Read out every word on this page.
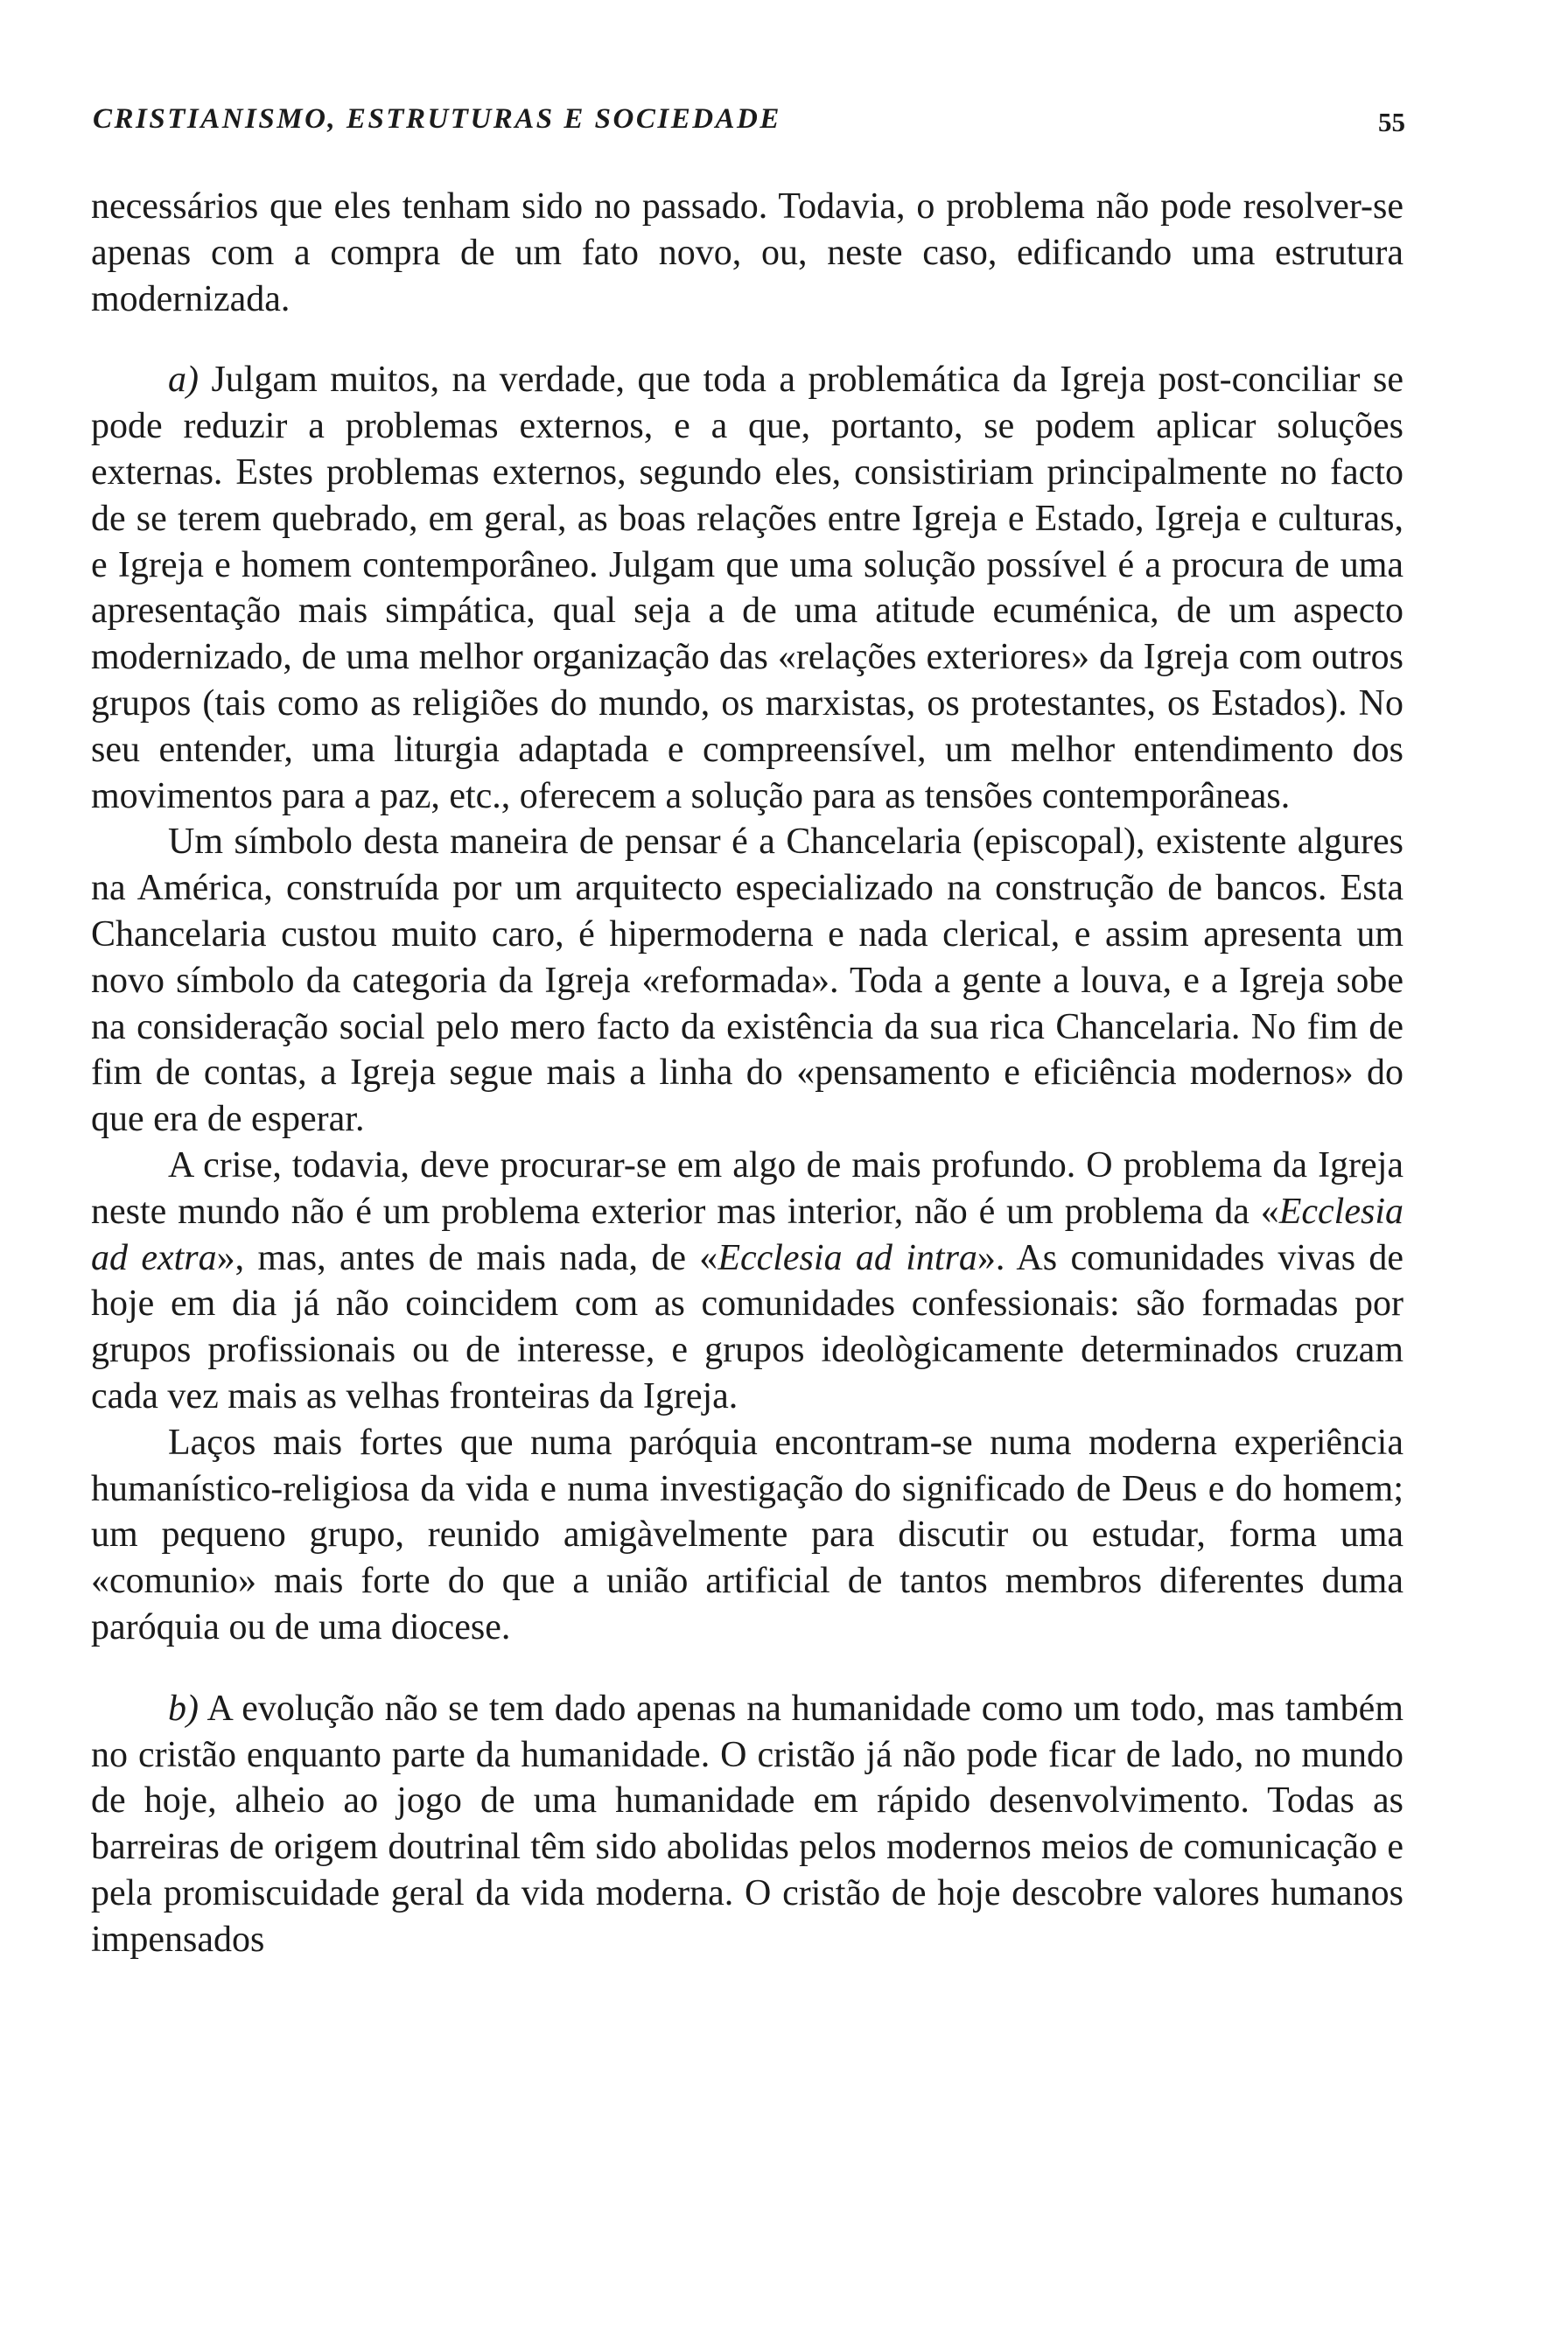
CRISTIANISMO, ESTRUTURAS E SOCIEDADE	55

necessários que eles tenham sido no passado. Todavia, o problema não pode resolver-se apenas com a compra de um fato novo, ou, neste caso, edificando uma estrutura modernizada.

a) Julgam muitos, na verdade, que toda a problemática da Igreja post-conciliar se pode reduzir a problemas externos, e a que, portanto, se podem aplicar soluções externas. Estes problemas externos, segundo eles, consistiriam principalmente no facto de se terem quebrado, em geral, as boas relações entre Igreja e Estado, Igreja e culturas, e Igreja e homem contemporâneo. Julgam que uma solução possível é a procura de uma apresentação mais simpática, qual seja a de uma atitude ecuménica, de um aspecto modernizado, de uma melhor organização das «relações exteriores» da Igreja com outros grupos (tais como as religiões do mundo, os marxistas, os protestantes, os Estados). No seu entender, uma liturgia adaptada e compreensível, um melhor entendimento dos movimentos para a paz, etc., oferecem a solução para as tensões contemporâneas.

Um símbolo desta maneira de pensar é a Chancelaria (episcopal), existente algures na América, construída por um arquitecto especializado na construção de bancos. Esta Chancelaria custou muito caro, é hipermoderna e nada clerical, e assim apresenta um novo símbolo da categoria da Igreja «reformada». Toda a gente a louva, e a Igreja sobe na consideração social pelo mero facto da existência da sua rica Chancelaria. No fim de fim de contas, a Igreja segue mais a linha do «pensamento e eficiência modernos» do que era de esperar.

A crise, todavia, deve procurar-se em algo de mais profundo. O problema da Igreja neste mundo não é um problema exterior mas interior, não é um problema da «Ecclesia ad extra», mas, antes de mais nada, de «Ecclesia ad intra». As comunidades vivas de hoje em dia já não coincidem com as comunidades confessionais: são formadas por grupos profissionais ou de interesse, e grupos ideològicamente determinados cruzam cada vez mais as velhas fronteiras da Igreja.

Laços mais fortes que numa paróquia encontram-se numa moderna experiência humanístico-religiosa da vida e numa investigação do significado de Deus e do homem; um pequeno grupo, reunido amigàvelmente para discutir ou estudar, forma uma «comunio» mais forte do que a união artificial de tantos membros diferentes duma paróquia ou de uma diocese.

b) A evolução não se tem dado apenas na humanidade como um todo, mas também no cristão enquanto parte da humanidade. O cristão já não pode ficar de lado, no mundo de hoje, alheio ao jogo de uma humanidade em rápido desenvolvimento. Todas as barreiras de origem doutrinal têm sido abolidas pelos modernos meios de comunicação e pela promiscuidade geral da vida moderna. O cristão de hoje descobre valores humanos impensados
